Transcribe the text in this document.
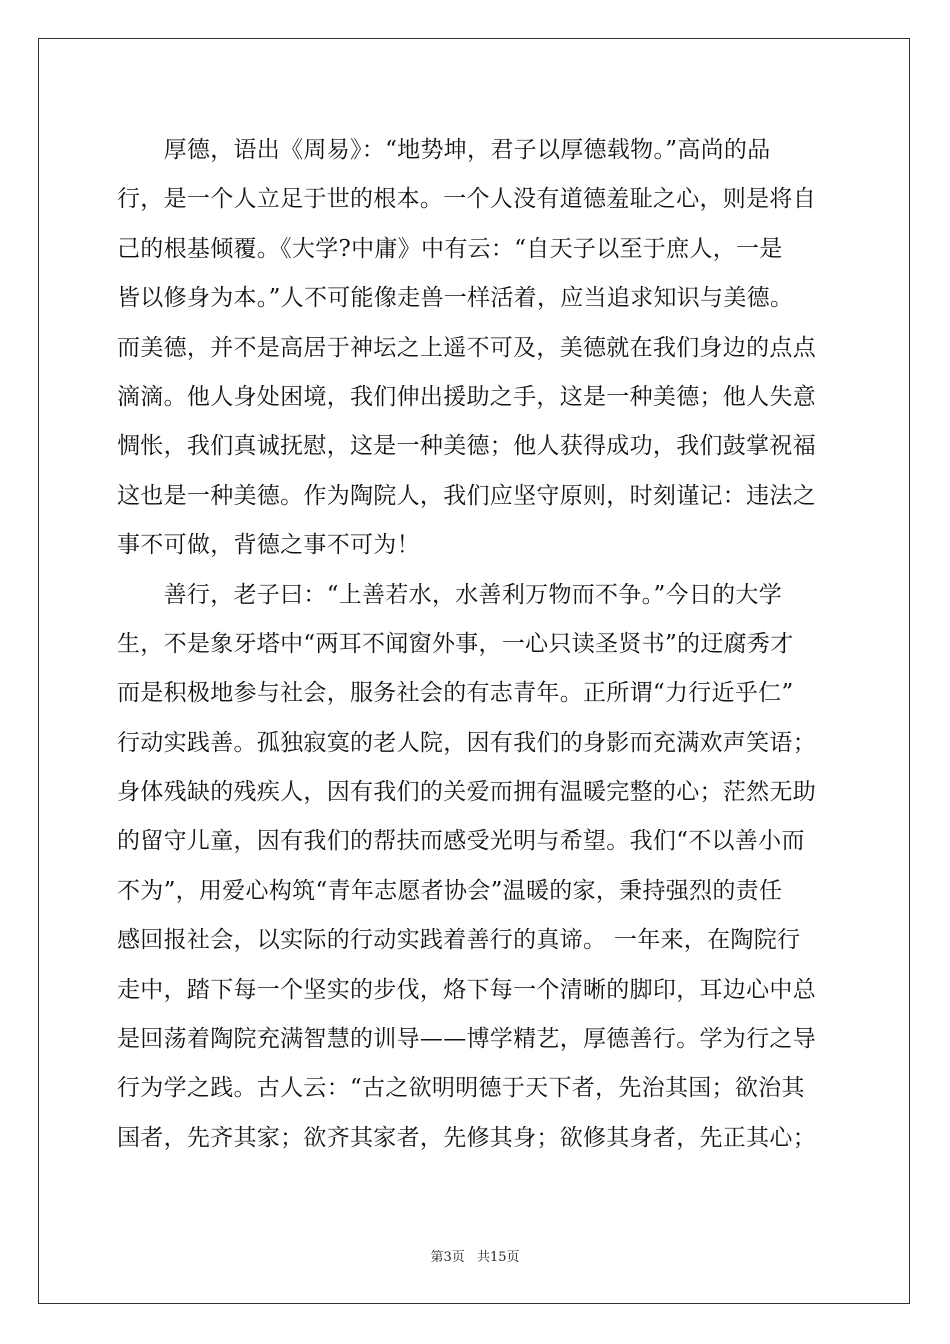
　　厚德，语出《周易》：“地势坤，君子以厚德载物。”高尚的品
行，是一个人立足于世的根本。一个人没有道德羞耻之心，则是将自
己的根基倾覆。《大学?中庸》中有云：“自天子以至于庶人，一是
皆以修身为本。”人不可能像走兽一样活着，应当追求知识与美德。
而美德，并不是高居于神坛之上遥不可及，美德就在我们身边的点点
滴滴。他人身处困境，我们伸出援助之手，这是一种美德；他人失意
惆怅，我们真诚抚慰，这是一种美德；他人获得成功，我们鼓掌祝福
这也是一种美德。作为陶院人，我们应坚守原则，时刻谨记：违法之
事不可做，背德之事不可为！
　　善行，老子曰：“上善若水，水善利万物而不争。”今日的大学
生，不是象牙塔中“两耳不闻窗外事，一心只读圣贤书”的迂腐秀才
而是积极地参与社会，服务社会的有志青年。正所谓“力行近乎仁”
行动实践善。孤独寂寞的老人院，因有我们的身影而充满欢声笑语；
身体残缺的残疾人，因有我们的关爱而拥有温暖完整的心；茫然无助
的留守儿童，因有我们的帮扶而感受光明与希望。我们“不以善小而
不为”，用爱心构筑“青年志愿者协会”温暖的家，秉持强烈的责任
感回报社会，以实际的行动实践着善行的真谛。 一年来，在陶院行
走中，踏下每一个坚实的步伐，烙下每一个清晰的脚印，耳边心中总
是回荡着陶院充满智慧的训导——博学精艺，厚德善行。学为行之导
行为学之践。古人云：“古之欲明明德于天下者，先治其国；欲治其
国者，先齐其家；欲齐其家者，先修其身；欲修其身者，先正其心；
第3页 共15页
